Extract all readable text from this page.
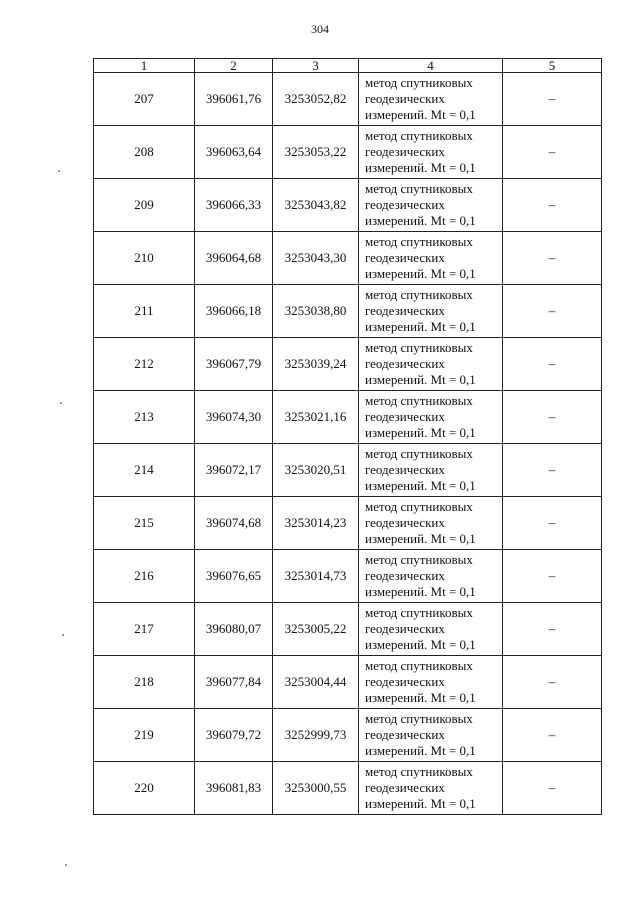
304
1	2	3	4	5
207	396061,76	3253052,82	метод спутниковых
геодезических
измерений. Mt = 0,1	–
208	396063,64	3253053,22	метод спутниковых
геодезических
измерений. Mt = 0,1	–
209	396066,33	3253043,82	метод спутниковых
геодезических
измерений. Mt = 0,1	–
210	396064,68	3253043,30	метод спутниковых
геодезических
измерений. Mt = 0,1	–
211	396066,18	3253038,80	метод спутниковых
геодезических
измерений. Mt = 0,1	–
212	396067,79	3253039,24	метод спутниковых
геодезических
измерений. Mt = 0,1	–
213	396074,30	3253021,16	метод спутниковых
геодезических
измерений. Mt = 0,1	–
214	396072,17	3253020,51	метод спутниковых
геодезических
измерений. Mt = 0,1	–
215	396074,68	3253014,23	метод спутниковых
геодезических
измерений. Mt = 0,1	–
216	396076,65	3253014,73	метод спутниковых
геодезических
измерений. Mt = 0,1	–
217	396080,07	3253005,22	метод спутниковых
геодезических
измерений. Mt = 0,1	–
218	396077,84	3253004,44	метод спутниковых
геодезических
измерений. Mt = 0,1	–
219	396079,72	3252999,73	метод спутниковых
геодезических
измерений. Mt = 0,1	–
220	396081,83	3253000,55	метод спутниковых
геодезических
измерений. Mt = 0,1	–
